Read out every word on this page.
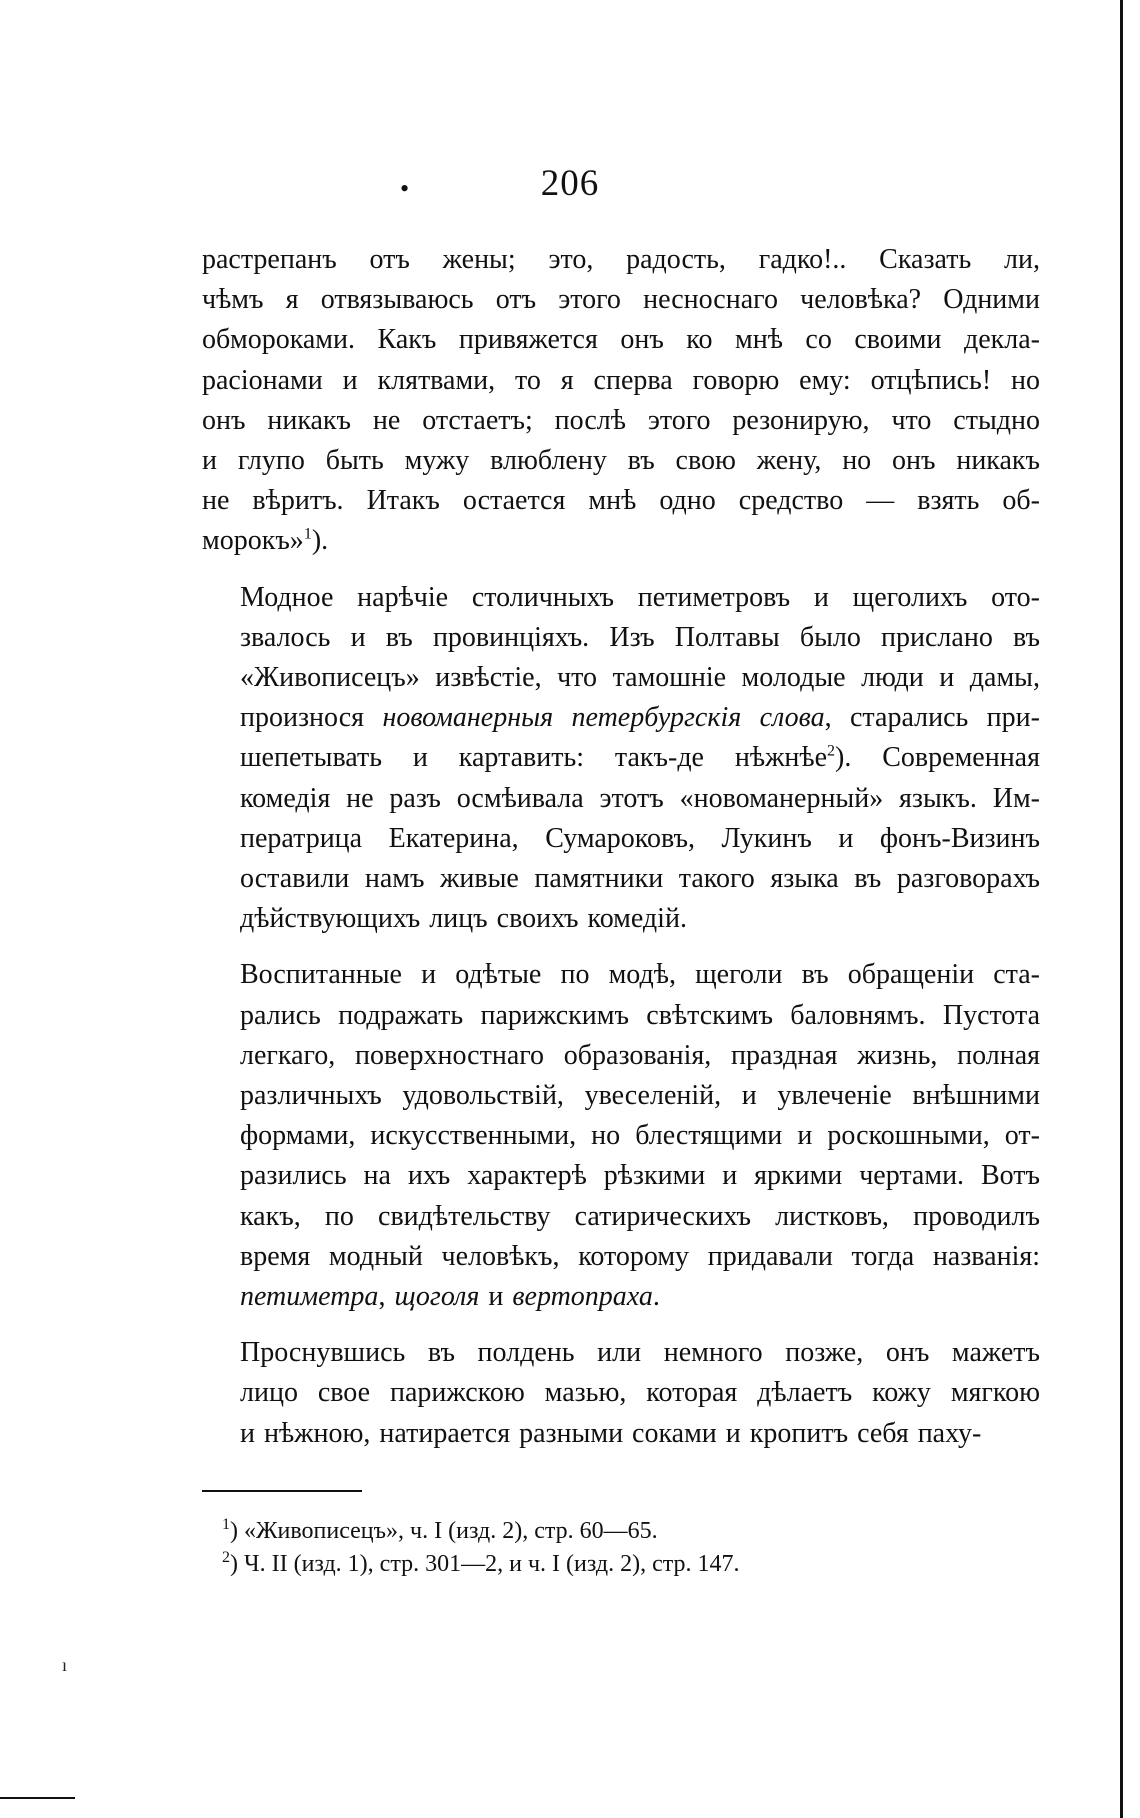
ı
•	206
растрепанъ отъ жены; это, радость, гадко!.. Сказать ли,
чѣмъ я отвязываюсь отъ этого несноснаго человѣка? Одними
обмороками. Какъ привяжется онъ ко мнѣ со своими декла-
расіонами и клятвами, то я сперва говорю ему: отцѣпись! но
онъ никакъ не отстаетъ; послѣ этого резонирую, что стыдно
и глупо быть мужу влюблену въ свою жену, но онъ никакъ
не вѣритъ. Итакъ остается мнѣ одно средство — взять об-
морокъ»$^1$).
Модное нарѣчіе столичныхъ петиметровъ и щеголихъ ото-
звалось и въ провинціяхъ. Изъ Полтавы было прислано въ
«Живописецъ» извѣстіе, что тамошніе молодые люди и дамы,
произнося новоманерныя петербургскія слова, старались при-
шепетывать и картавить: такъ-де нѣжнѣе$^2$). Современная
комедія не разъ осмѣивала этотъ «новоманерный» языкъ. Им-
ператрица Екатерина, Сумароковъ, Лукинъ и фонъ-Визинъ
оставили намъ живые памятники такого языка въ разговорахъ
дѣйствующихъ лицъ своихъ комедій.
Воспитанные и одѣтые по модѣ, щеголи въ обращеніи ста-
рались подражать парижскимъ свѣтскимъ баловнямъ. Пустота
легкаго, поверхностнаго образованія, праздная жизнь, полная
различныхъ удовольствій, увеселеній, и увлеченіе внѣшними
формами, искусственными, но блестящими и роскошными, от-
разились на ихъ характерѣ рѣзкими и яркими чертами. Вотъ
какъ, по свидѣтельству сатирическихъ листковъ, проводилъ
время модный человѣкъ, которому придавали тогда названія:
петиметра, щоголя и вертопраха.
Проснувшись въ полдень или немного позже, онъ мажетъ
лицо свое парижскою мазью, которая дѣлаетъ кожу мягкою
и нѣжною, натирается разными соками и кропитъ себя паху-
$^1$) «Живописецъ», ч. I (изд. 2), стр. 60—65.
$^2$) Ч. II (изд. 1), стр. 301—2, и ч. I (изд. 2), стр. 147.
